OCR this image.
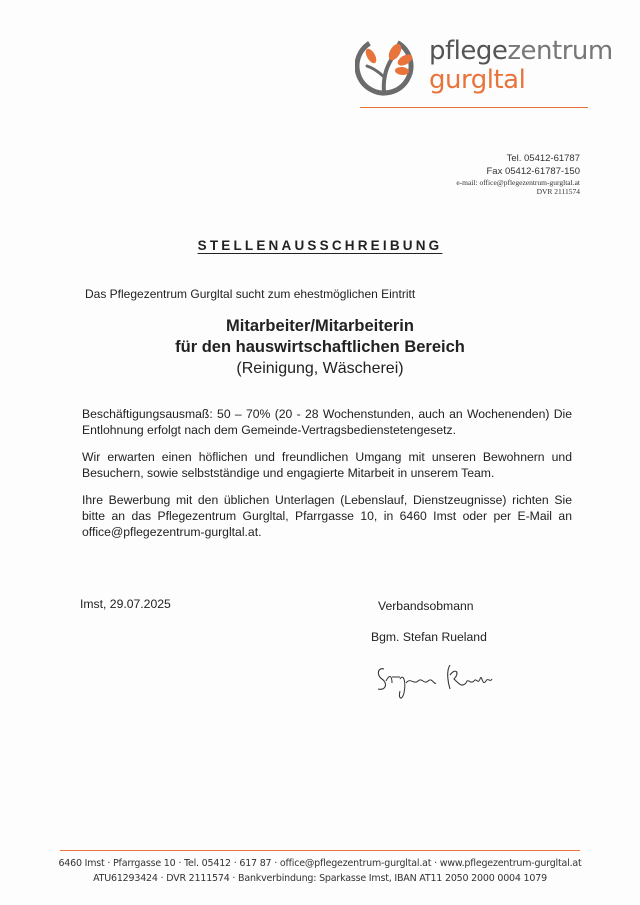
pflegezentrum
gurgltal
Tel. 05412-61787
Fax 05412-61787-150
e-mail: office@pflegezentrum-gurgltal.at
DVR 2111574
STELLENAUSSCHREIBUNG
Das Pflegezentrum Gurgltal sucht zum ehestmöglichen Eintritt
Mitarbeiter/Mitarbeiterin
für den hauswirtschaftlichen Bereich
(Reinigung, Wäscherei)
Beschäftigungsausmaß: 50 – 70% (20 - 28 Wochenstunden, auch an Wochenenden) Die Entlohnung erfolgt nach dem Gemeinde-Vertragsbedienstetengesetz.
Wir erwarten einen höflichen und freundlichen Umgang mit unseren Bewohnern und Besuchern, sowie selbstständige und engagierte Mitarbeit in unserem Team.
Ihre Bewerbung mit den üblichen Unterlagen (Lebenslauf, Dienstzeugnisse) richten Sie bitte an das Pflegezentrum Gurgltal, Pfarrgasse 10, in 6460 Imst oder per E-Mail an office@pflegezentrum-gurgltal.at.
Imst, 29.07.2025	Verbandsobmann
Bgm. Stefan Rueland
6460 Imst · Pfarrgasse 10 · Tel. 05412 · 617 87 · office@pflegezentrum-gurgltal.at · www.pflegezentrum-gurgltal.at
ATU61293424 · DVR 2111574 · Bankverbindung: Sparkasse Imst, IBAN AT11 2050 2000 0004 1079
